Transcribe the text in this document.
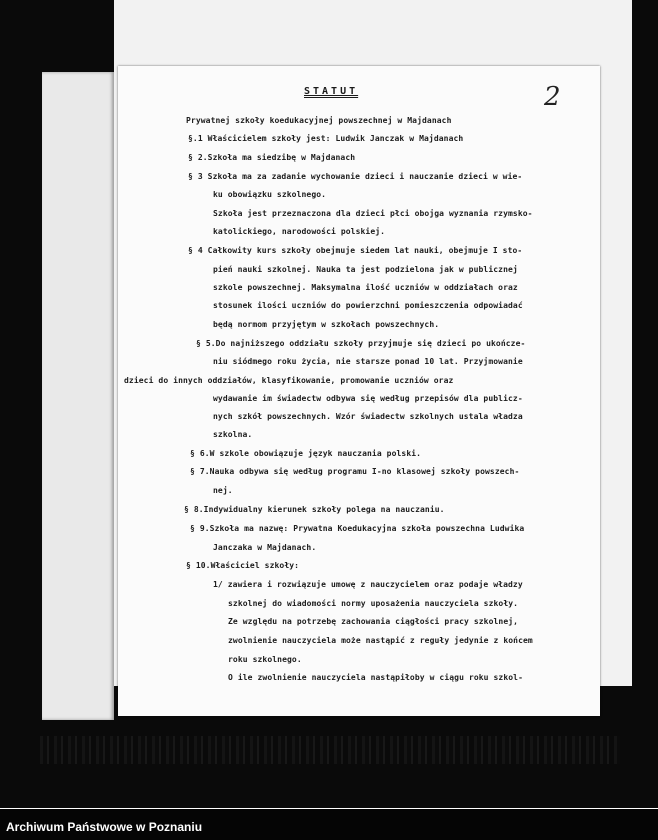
2
STATUT
Prywatnej szkoły koedukacyjnej powszechnej w Majdanach
§.1 Właścicielem szkoły jest: Ludwik Janczak w Majdanach
§ 2.Szkoła ma siedzibę w Majdanach
§ 3 Szkoła ma za zadanie wychowanie dzieci i nauczanie dzieci w wie-
ku obowiązku szkolnego.
Szkoła jest przeznaczona dla dzieci płci obojga wyznania rzymsko-
katolickiego, narodowości polskiej.
§ 4 Całkowity kurs szkoły obejmuje siedem lat nauki, obejmuje I sto-
pień nauki szkolnej. Nauka ta jest podzielona jak w publicznej
szkole powszechnej. Maksymalna ilość uczniów w oddziałach oraz
stosunek ilości uczniów do powierzchni pomieszczenia odpowiadać
będą normom przyjętym w szkołach powszechnych.
§ 5.Do najniższego oddziału szkoły przyjmuje się dzieci po ukończe-
niu siódmego roku życia, nie starsze ponad 10 lat. Przyjmowanie
dzieci do innych oddziałów, klasyfikowanie, promowanie uczniów oraz
wydawanie im świadectw odbywa się według przepisów dla publicz-
nych szkół powszechnych. Wzór świadectw szkolnych ustala władza
szkolna.
§ 6.W szkole obowiązuje język nauczania polski.
§ 7.Nauka odbywa się według programu I-no klasowej szkoły powszech-
nej.
§ 8.Indywidualny kierunek szkoły polega na nauczaniu.
§ 9.Szkoła ma nazwę: Prywatna Koedukacyjna szkoła powszechna Ludwika
Janczaka w Majdanach.
§ 10.Właściciel szkoły:
1/ zawiera i rozwiązuje umowę z nauczycielem oraz podaje władzy
szkolnej do wiadomości normy uposażenia nauczyciela szkoły.
Ze względu na potrzebę zachowania ciągłości pracy szkolnej,
zwolnienie nauczyciela może nastąpić z reguły jedynie z końcem
roku szkolnego.
O ile zwolnienie nauczyciela nastąpiłoby w ciągu roku szkol-
Archiwum Państwowe w Poznaniu
